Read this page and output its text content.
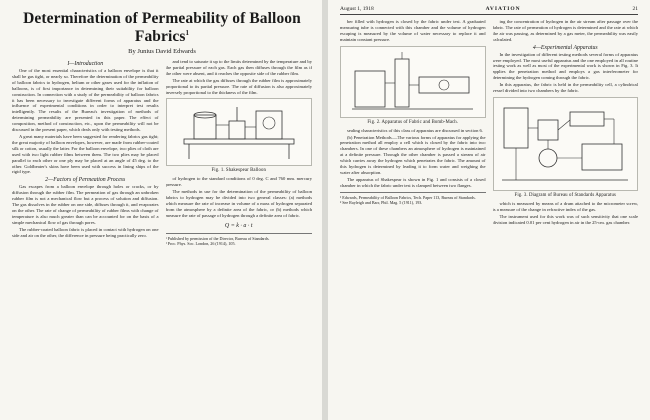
Determination of Permeability of Balloon Fabrics$^1$
By Junius David Edwards
I—Introduction

One of the most essential characteristics of a balloon envelope is that it shall be gas tight, or nearly so. Therefore the determination of the permeability of balloon fabrics to hydrogen, helium or other gases used for the inflation of balloons, is of first importance in determining their suitability for balloon construction. In connection with a study of the permeability of balloon fabrics it has been necessary to investigate different forms of apparatus and the influence of experimental conditions in order to interpret test results intelligently. The results of the Bureau's investigation of methods of determining permeability are presented in this paper. The effect of composition, method of construction, etc., upon the permeability will not be discussed in the present paper, which deals only with testing methods.

A great many materials have been suggested for rendering fabrics gas tight; the great majority of balloon envelopes, however, are made from rubber-coated silk or cotton, usually the latter. For the balloon envelope, two plies of cloth are used with two light rubber films between them. The two plies may be placed parallel to each other or one ply may be placed at an angle of 45 deg. to the other. Goldbeater's skins have been used with success in lining ships of the rigid type.

2—Factors of Permeation Process

Gas escapes from a balloon envelope through holes or cracks, or by diffusion through the rubber film. The permeation of gas through an unbroken rubber film is not a mechanical flow but a process of solution and diffusion. The gas dissolves in the rubber on one side, diffuses through it, and evaporates on the other. The rate of change of permeability of rubber films with change of temperature is also much greater than can be accounted for on the basis of a simple mechanical flow of gas through pores.

The rubber-coated balloon fabric is placed in contact with hydrogen on one side and air on the other, the difference in pressure being practically zero.

and tend to saturate it up to the limits determined by the temperature and by the partial pressure of each gas. Each gas then diffuses through the film as if the other were absent, and it reaches the opposite side of the rubber film.

The rate at which the gas diffuses through the rubber film is approximately proportional to its partial pressure. The rate of diffusion is also approximately inversely proportional to the thickness of the film.

Fig. 1. Shakespear Balloon

of hydrogen to the standard conditions of 0 deg. C and 760 mm. mercury pressure.

The methods in use for the determination of the permeability of balloon fabrics to hydrogen may be divided into two general classes: (a) methods which measure the rate of increase in volume of a mass of hydrogen separated from the atmosphere by a definite area of the fabric, or (b) methods which measure the rate of passage of hydrogen through a definite area of fabric.

Q = k · a · t
¹ Published by permission of the Director, Bureau of Standards.
² Proc. Phys. Soc. London, 26 (1914), 105.
August 1, 1918	AVIATION	21

ber filled with hydrogen is closed by the fabric under test. A graduated measuring tube is connected with this chamber and the volume of hydrogen escaping is measured by the volume of water necessary to replace it and maintain constant pressure.

Fig. 2. Apparatus of Fabric and Bomb-Mach.

sealing characteristics of this class of apparatus are discussed in section 6.

(b) Penetration Methods.—The various forms of apparatus for applying the penetration method all employ a cell which is closed by the fabric into two chambers. In one of these chambers an atmosphere of hydrogen is maintained at a definite pressure. Through the other chamber is passed a stream of air which carries away the hydrogen which penetrates the fabric. The amount of this hydrogen is determined by leading it to form water and weighing the water after absorption.

The apparatus of Shakespear is shown in Fig. 1 and consists of a closed chamber in which the fabric under test is clamped between two flanges.

¹ Edwards, Permeability of Balloon Fabrics, Tech. Paper 113, Bureau of Standards.
² See Rayleigh and Barr, Phil. Mag. 5 (1911), 193.

ing the concentration of hydrogen in the air stream after passage over the fabric. The rate of permeation of hydrogen is determined and the rate at which the air was passing, as determined by a gas meter, the permeability was easily calculated.

4—Experimental Apparatus

In the investigation of different testing methods several forms of apparatus were employed. The most useful apparatus and the one employed in all routine testing work as well as most of the experimental work is shown in Fig. 3. It applies the penetration method and employs a gas interferometer for determining the hydrogen coming through the fabric.

In this apparatus, the fabric is held in the permeability cell, a cylindrical vessel divided into two chambers by the fabric.

Fig. 3. Diagram of Bureau of Standards Apparatus

which is measured by means of a drum attached to the micrometer screw, is a measure of the change in refractive index of the gas.

The instrument used for this work was of such sensitivity that one scale division indicated 0.01 per cent hydrogen in air in the 25-cm. gas chamber.
